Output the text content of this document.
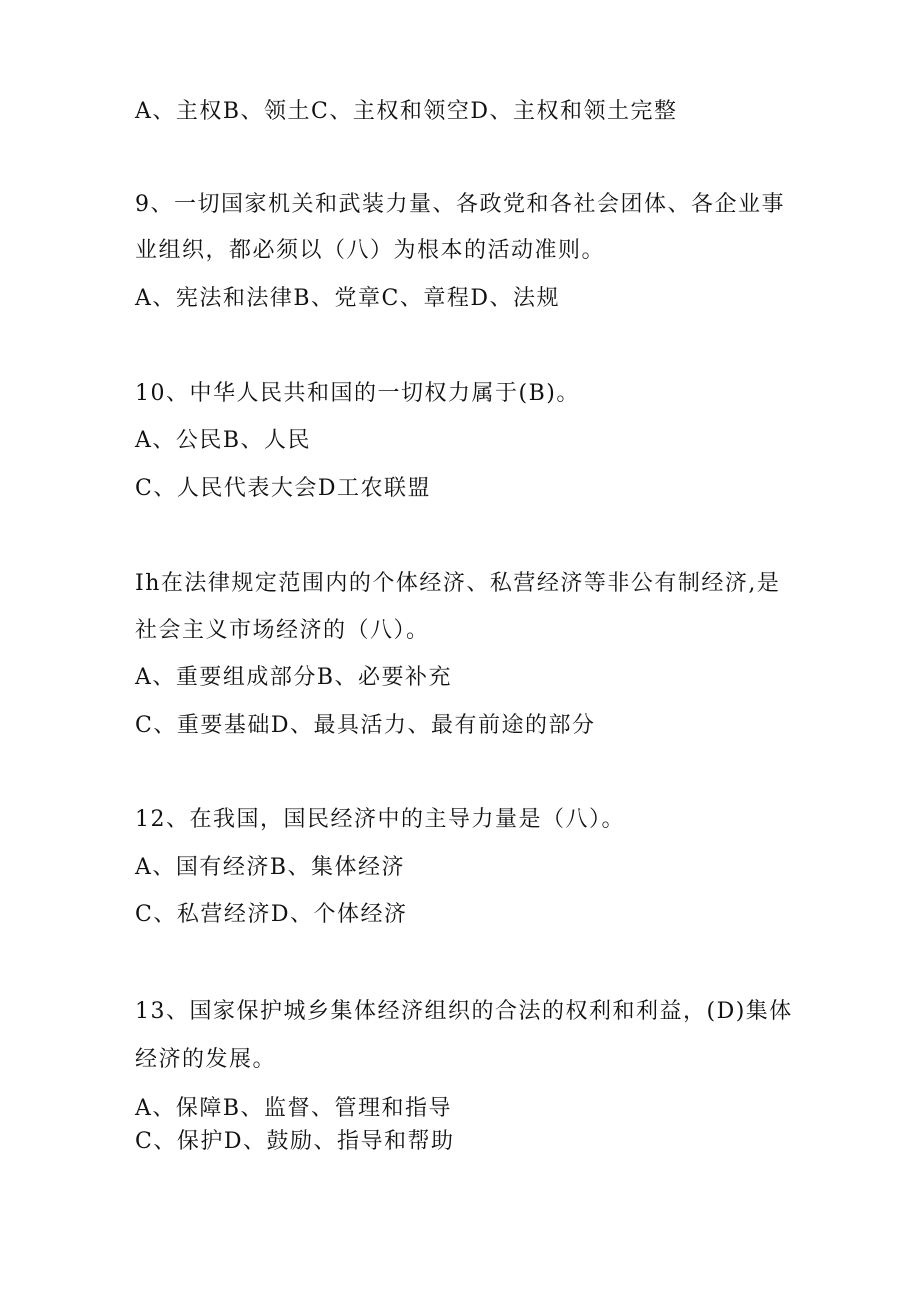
A、主权B、领土C、主权和领空D、主权和领土完整
9、一切国家机关和武装力量、各政党和各社会团体、各企业事
业组织，都必须以（八）为根本的活动准则。
A、宪法和法律B、党章C、章程D、法规
10、中华人民共和国的一切权力属于(B)。
A、公民B、人民
C、人民代表大会D工农联盟
Ih在法律规定范围内的个体经济、私营经济等非公有制经济,是
社会主义市场经济的（八）。
A、重要组成部分B、必要补充
C、重要基础D、最具活力、最有前途的部分
12、在我国，国民经济中的主导力量是（八）。
A、国有经济B、集体经济
C、私营经济D、个体经济
13、国家保护城乡集体经济组织的合法的权利和利益，(D)集体
经济的发展。
A、保障B、监督、管理和指导
C、保护D、鼓励、指导和帮助
